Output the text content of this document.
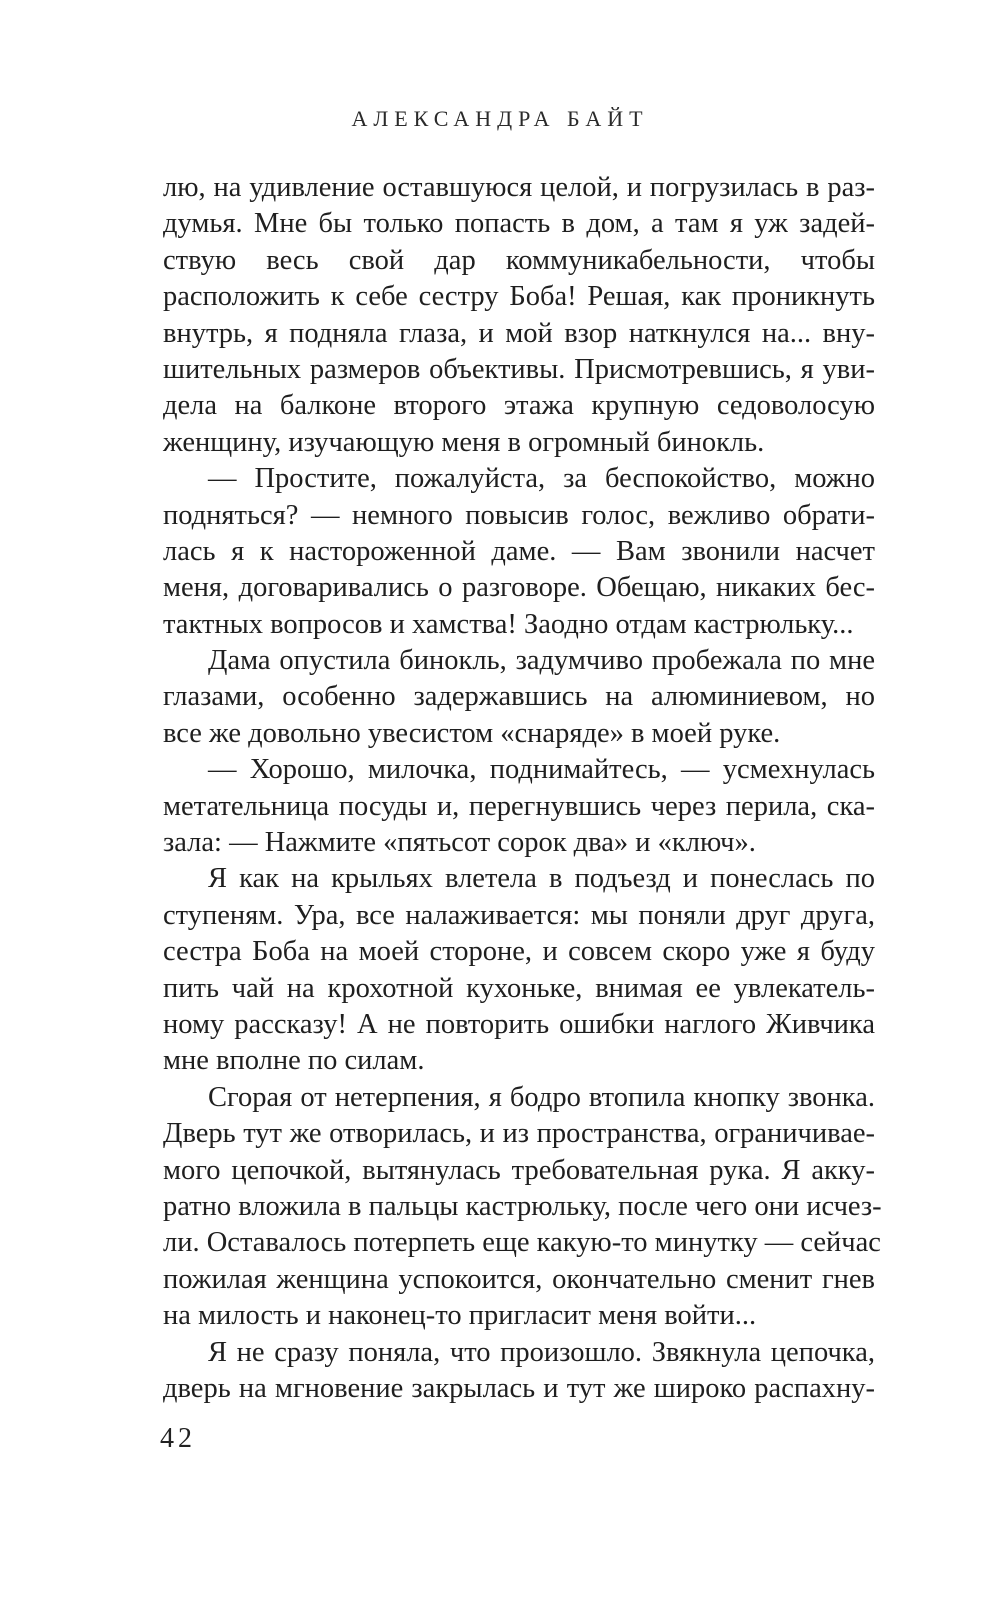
АЛЕКСАНДРА БАЙТ
лю, на удивление оставшуюся целой, и погрузилась в раз-
думья. Мне бы только попасть в дом, а там я уж задей-
ствую весь свой дар коммуникабельности, чтобы
расположить к себе сестру Боба! Решая, как проникнуть
внутрь, я подняла глаза, и мой взор наткнулся на... вну-
шительных размеров объективы. Присмотревшись, я уви-
дела на балконе второго этажа крупную седоволосую
женщину, изучающую меня в огромный бинокль.
— Простите, пожалуйста, за беспокойство, можно
подняться? — немного повысив голос, вежливо обрати-
лась я к настороженной даме. — Вам звонили насчет
меня, договаривались о разговоре. Обещаю, никаких бес-
тактных вопросов и хамства! Заодно отдам кастрюльку...
Дама опустила бинокль, задумчиво пробежала по мне
глазами, особенно задержавшись на алюминиевом, но
все же довольно увесистом «снаряде» в моей руке.
— Хорошо, милочка, поднимайтесь, — усмехнулась
метательница посуды и, перегнувшись через перила, ска-
зала: — Нажмите «пятьсот сорок два» и «ключ».
Я как на крыльях влетела в подъезд и понеслась по
ступеням. Ура, все налаживается: мы поняли друг друга,
сестра Боба на моей стороне, и совсем скоро уже я буду
пить чай на крохотной кухоньке, внимая ее увлекатель-
ному рассказу! А не повторить ошибки наглого Живчика
мне вполне по силам.
Сгорая от нетерпения, я бодро втопила кнопку звонка.
Дверь тут же отворилась, и из пространства, ограничивае-
мого цепочкой, вытянулась требовательная рука. Я акку-
ратно вложила в пальцы кастрюльку, после чего они исчез-
ли. Оставалось потерпеть еще какую-то минутку — сейчас
пожилая женщина успокоится, окончательно сменит гнев
на милость и наконец-то пригласит меня войти...
Я не сразу поняла, что произошло. Звякнула цепочка,
дверь на мгновение закрылась и тут же широко распахну-
42
